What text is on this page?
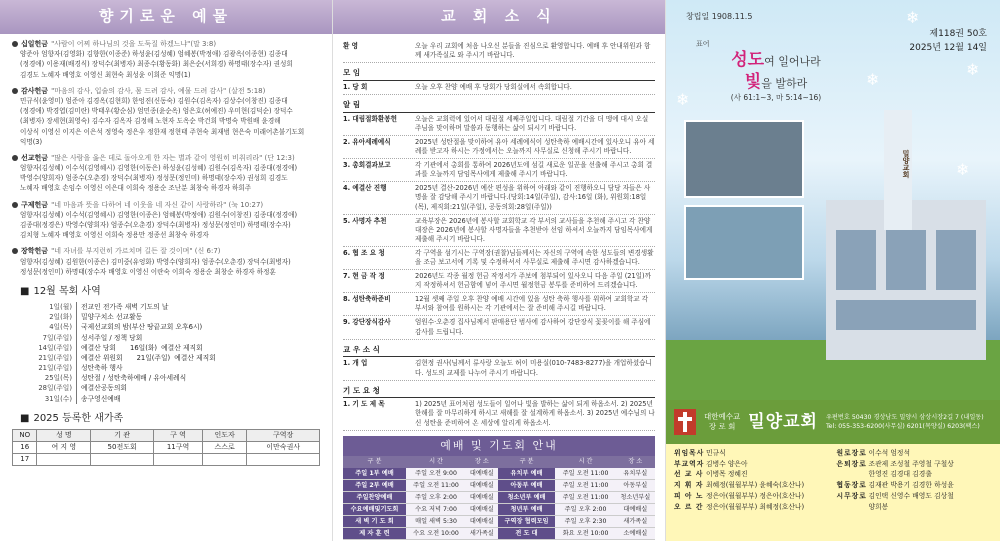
향기로운 예물
십일헌금 "사람이 어찌 하나님의 것을 도둑질 하겠느냐"(말 3:8)
양준아 엄향자(김영화) 김향한(이종준) 하성윤(김성혜) 엄혜봉(박정애) 김광옥(이종현) 김종대
(정경애) 이용재(배경식) 장덕수(최병자) 최종수(황동화) 최은순(서희경) 하명태(장수자) 권성희
김경도 노혜자 배영호 이영신 최현숙 최성윤 이희준 익명(1)
감사헌금 "마음의 감사, 입술의 감사, 몸 드려 감사, 예물 드려 감사" (살전 5:18)
민규식(윤영미) 엄준아 김경옥(김현희) 한엉진(신동숙) 김원수(김옥자) 김상수(이창진) 김종대
(정경애) 박경엽(김미란) 박태우(황순심) 엄민종(윤순옥) 엄은호(허예진) 우미현(김덕순) 장덕수
(최병자) 장세현(최영숙) 김수자 김옥자 김정해 노현자 도옥순 박건희 박명숙 박원배 윤경해
이상식 이영신 이지은 이은석 정영숙 정은우 정한재 정현태 주현숙 최재범 현은숙 미래어촌불기도회
익명(3)
선교헌금 "많은 사람을 옳은 데로 돌아오게 한 자는 별과 같이 영원히 비취리라" (단 12:3)
엄향자(김성혜) 이수석(김영혜시) 김영한(이동은) 하성윤(김성혜) 김원수(김옥자) 김종대(정경애)
박영수(양희자) 엄종수(오춘경) 장덕수(최병자) 정성문(정인미) 하명태(장수자) 권성희 김경도
노혜자 배영호 손임수 이영신 이은대 이희숙 정용순 조난분 최창숙 하경자 하희주
구제헌금 "네 마음과 뜻을 다하여 네 이웃을 네 자신 같이 사랑하라" (눅 10:27)
엄향자(김성혜) 이수석(김영혜시) 김영한(이종은) 엄혜봉(박정애) 김원수(이창진) 김종대(정경애)
김종대(정경은) 박영수(양희자) 엄종수(오춘경) 장덕수(최병자) 정성문(정인미) 하명태(장수자)
김치형 노혜자 배영호 이영신 이희숙 정용만 정종선 최창숙 하경자
장학헌금 "네 자녀를 부지런히 가르치며 길든 잘 것이며" (신 6:7)
엄향자(김성혜) 김원한(이종은) 김미중(유엉화) 박영수(양희자) 엄종수(오춘경) 장덕수(최병자)
정성문(정인미) 하명태(장수자 배영호 이영신 이란숙 이희숙 정용순 최창순 하경자 하정훈
■ 12월 목회 사역
1일(월)	전교인 전가족 새벽 기도의 날
2일(화)	밀양구치소 선교활동
4일(목)	국제선교회의 밤(부산 땅끝교회 오후6시)
7일(주일)	성서주일 / 정책 당회
14일(주일)	예결산 당회 16일(화) 예결산 제직회
21일(주일)	예결산 위원회 21일(주일) 예결산 제직회
21일(주일)	성탄축하 행사
25일(목)	성탄절 / 성탄축하예배 / 유아세례식
28일(주일)	예결산공동의회
31일(수)	송구영신예배
■ 2025 등록한 새가족
NO	성 명	기 관	구 역	인도자	구역장
16	여 지 영	50전도회	11구역	스스로	이만숙권사
17					
교 회 소 식
환 영	오늘 우리 교회에 처음 나오신 분들을 진심으로 환영합니다. 예배 후 안내위원과 함께 새가족실로 와 주시기 바랍니다.
모 임
1. 당 회	오늘 오후 찬양 예배 후 당회가 당회실에서 속회합니다.
알 림
1. 대림절화환봉헌	오늘은 교회력에 있어서 대림절 세째주일입니다. 대림절 기간을 더 맹에 대시 오실 주님을 맞이하며 말씀과 동행하는 삶이 되시기 바랍니다.
2. 유아세례예식	2025년 성탄절을 맞이하여 유아 세례예식이 성탄축하 예배시간에 있사오니 유아 세례를 받고자 하시는 가정에서는 오늘까지 사무실로 신청해 주시기 바랍니다.
3. 총회결과보고	각 기관에서 총회를 통하여 2026년도에 섬길 새로운 일꾼을 선출해 주시고 총회 결과를 오늘까지 담임목사에게 제출해 주시기 바랍니다.
4. 예결산 진행	2025년 결산-2026년 예산 편성을 위하여 아래와 같이 진행하오니 담당 자들은 사명을 잘 감당해 주시기 바랍니다.(당회:14일(주일), 감사:16일 (화), 위원회:18일(목), 제직회:21일(주일), 공동의회:28일(주일))
5. 사명자 추천	교육부장은 2026년에 봉사할 교회학교 각 부서의 교사들을 추천해 주시고 각 찬양대장은 2026년에 봉사할 사명자들을 추천받아 선임 하셔서 오늘까지 담임목사에게 제출해 주시기 바랍니다.
6. 협 조 요 청	각 구역을 섬기시는 구역장(권찰)님들께서는 자신의 구역에 속한 성도들의 변경생활을 조금 보고서에 기록 및 수정하셔서 사무실로 제출해 주시면 감사하겠습니다.
7. 현 금 작 정	2026년도 각종 월정 헌금 작정서가 주보에 첨부되어 있사오니 다음 주일 (21일)까지 작정하셔서 헌금함에 넣어 주시면 월정헌금 봉투를 준비하여 드리겠습니다.
8. 성탄축하준비	12월 셋째 주일 오후 찬양 예배 시간에 있을 성탄 축하 행사를 위하여 교회학교 각 부서와 참여를 원하시는 각 기관에서는 잘 준비해 주시길 바랍니다.
9. 강단장식감사	엄원수·오춘경 집사님께서 판매용단 범사에 감사하여 강단장식 꽃꽂이를 해 주심에 감사를 드립니다.
교 우 소 식
1. 개 업	김현정 권사(님께서 류사랑 오늘도 허이 미용실(010-7483-8277)을 개업하셨습니다. 성도의 교제를 나누어 주시기 바랍니다.
기 도 요 청
1. 기 도 제 목	1) 2025년 표어처럼 성도들이 일어나 빛을 발하는 삶이 되게 하옵소서. 2) 2025년 한해를 잘 마무리하게 하시고 새해를 잘 설계하게 하옵소서. 3) 2025년 예수님의 나신 성탄을 준비하여 온 세상에 알리게 하옵소서.
예배 및 기도회 안내
구 분	시 간	장 소	구 분	시 간	장 소
주일 1부 예배	주일 오전 9:00	대예배실	유치부 예배	주일 오전 11:00	유치부실
주일 2부 예배	주일 오전 11:00	대예배실	아동부 예배	주일 오전 11:00	아동부실
주일찬양예배	주일 오후 2:00	대예배실	청소년부 예배	주일 오전 11:00	청소년부실
수요예배및기도회	수요 저녁 7:00	대예배실	청년부 예배	주일 오후 2:00	대예배실
새 벽 기 도 회	매일 새벽 5:30	대예배실	구역장 협력모임	주일 오후 2:30	새가족실
제 자 훈 련	수요 오전 10:00	새가족실	전 도 대	화요 오전 10:00	소예배실
❄
❄
❄
❄
❄
창립일 1908.11.5
제118권 50호
2025년 12월 14일
표어
성도여 일어나라
빛을 발하라
(사 61:1~3, 마 5:14~16)
밀양교회
대한예수교
장 로 회 밀양교회 우편번호 50430 경상남도 밀양시 삼상시장2길 7 (내일동)
Tel: 055-353-6200(사무실) 6201(목양실) 6203(팩스)
위임목사 민규식
부교역자 김병수 양은아
선 교 사 이병목 정혜진
지 휘 자 최혜정(월월부부) 윤혜숙(호산나)
피 아 노 정은아(월월부부) 정은아(호산나)
오 르 간 정은아(월월부부) 최혜정(호산나)
원로장로 이수석 엄정석
은퇴장로 조관제 조성철 주영철 구철상
한영진 김경대 김경출
협동장로 김재관 박용기 김경한 하성윤
시무장로 김인택 신영수 배영도 김상철
양희봉
